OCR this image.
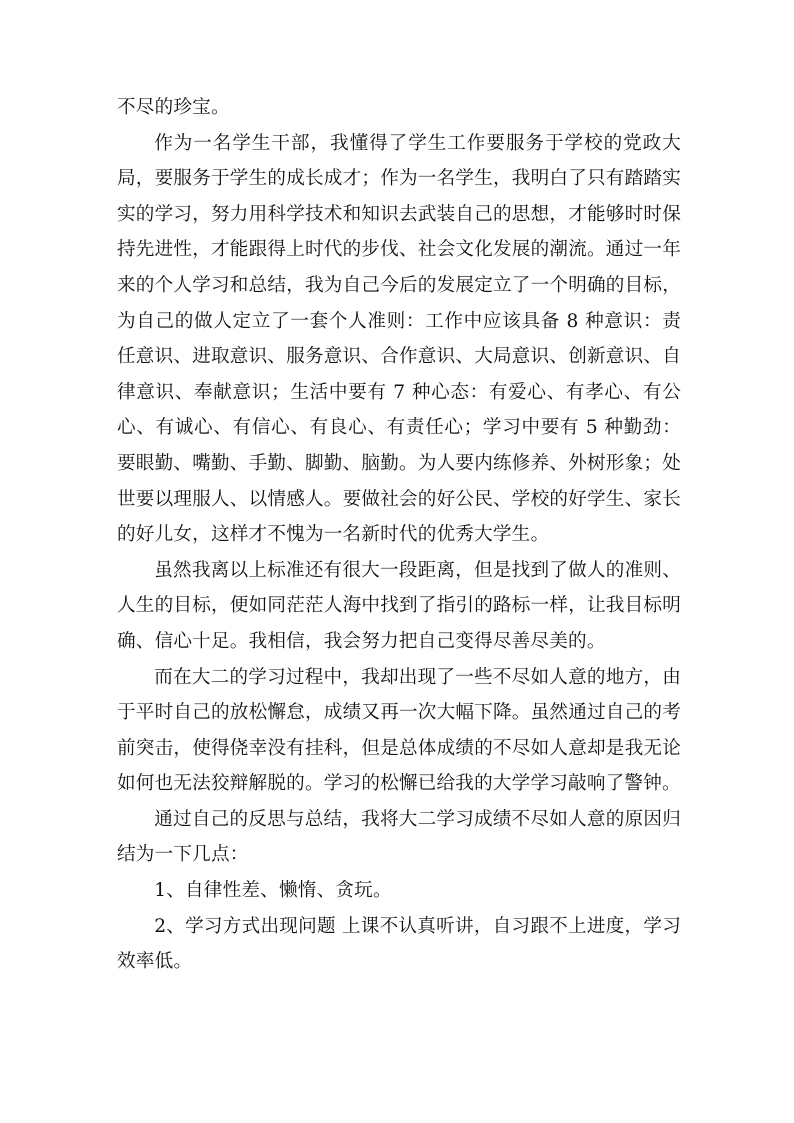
不尽的珍宝。

作为一名学生干部，我懂得了学生工作要服务于学校的党政大局，要服务于学生的成长成才；作为一名学生，我明白了只有踏踏实实的学习，努力用科学技术和知识去武装自己的思想，才能够时时保持先进性，才能跟得上时代的步伐、社会文化发展的潮流。通过一年来的个人学习和总结，我为自己今后的发展定立了一个明确的目标，为自己的做人定立了一套个人准则：工作中应该具备 8 种意识：责任意识、进取意识、服务意识、合作意识、大局意识、创新意识、自律意识、奉献意识；生活中要有 7 种心态：有爱心、有孝心、有公心、有诚心、有信心、有良心、有责任心；学习中要有 5 种勤劲：要眼勤、嘴勤、手勤、脚勤、脑勤。为人要内练修养、外树形象；处世要以理服人、以情感人。要做社会的好公民、学校的好学生、家长的好儿女，这样才不愧为一名新时代的优秀大学生。

虽然我离以上标准还有很大一段距离，但是找到了做人的准则、人生的目标，便如同茫茫人海中找到了指引的路标一样，让我目标明确、信心十足。我相信，我会努力把自己变得尽善尽美的。

而在大二的学习过程中，我却出现了一些不尽如人意的地方，由于平时自己的放松懈怠，成绩又再一次大幅下降。虽然通过自己的考前突击，使得侥幸没有挂科，但是总体成绩的不尽如人意却是我无论如何也无法狡辩解脱的。学习的松懈已给我的大学学习敲响了警钟。

通过自己的反思与总结，我将大二学习成绩不尽如人意的原因归结为一下几点：

1、自律性差、懒惰、贪玩。

2、学习方式出现问题 上课不认真听讲，自习跟不上进度，学习效率低。
